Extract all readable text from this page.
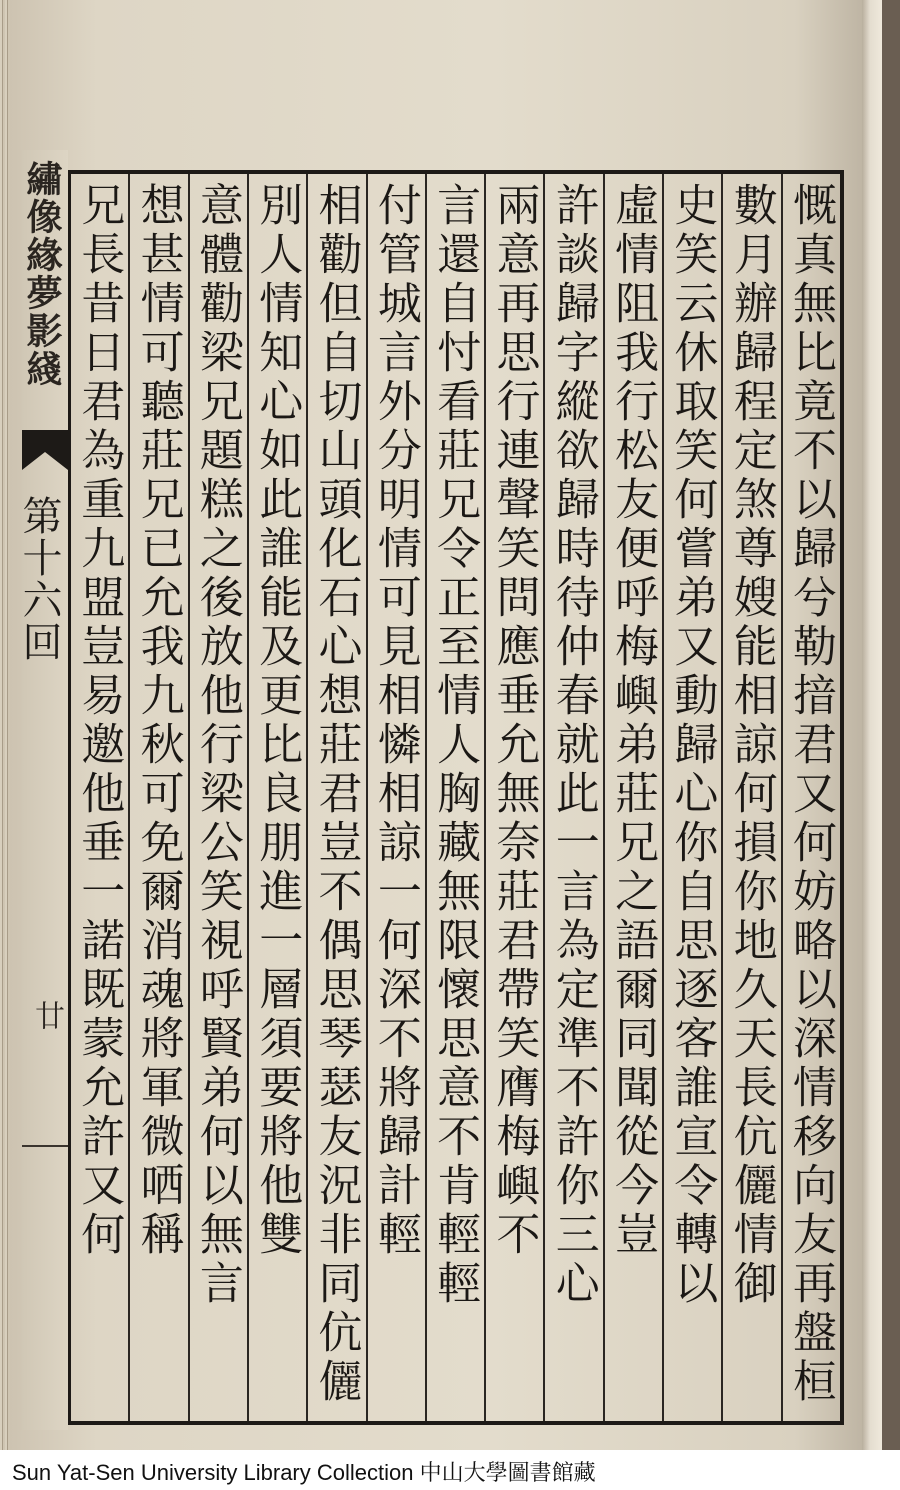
繡像緣夢影綫
第十六回
廿	慨真無比竟不以歸兮勒揞君又何妨略以深情移向友再盤桓
數月辦歸程定煞尊嫂能相諒何損你地久天長伉儷情御
史笑云休取笑何嘗弟又動歸心你自思逐客誰宣令轉以
虛情阻我行松友便呼梅嶼弟莊兄之語爾同聞從今豈
許談歸字縱欲歸時待仲春就此一言為定準不許你三心
兩意再思行連聲笑問應垂允無奈莊君帶笑膺梅嶼不
言還自忖看莊兄令正至情人胸藏無限懷思意不肯輕輕
付管城言外分明情可見相憐相諒一何深不將歸計輕
相勸但自切山頭化石心想莊君豈不偶思琴瑟友況非同伉儷
別人情知心如此誰能及更比良朋進一層須要將他雙
意體勸梁兄題糕之後放他行梁公笑視呼賢弟何以無言
想甚情可聽莊兄已允我九秋可免爾消魂將軍微哂稱
兄長昔日君為重九盟豈易邀他垂一諾既蒙允許又何
Sun Yat-Sen University Library Collection 中山大學圖書館藏
